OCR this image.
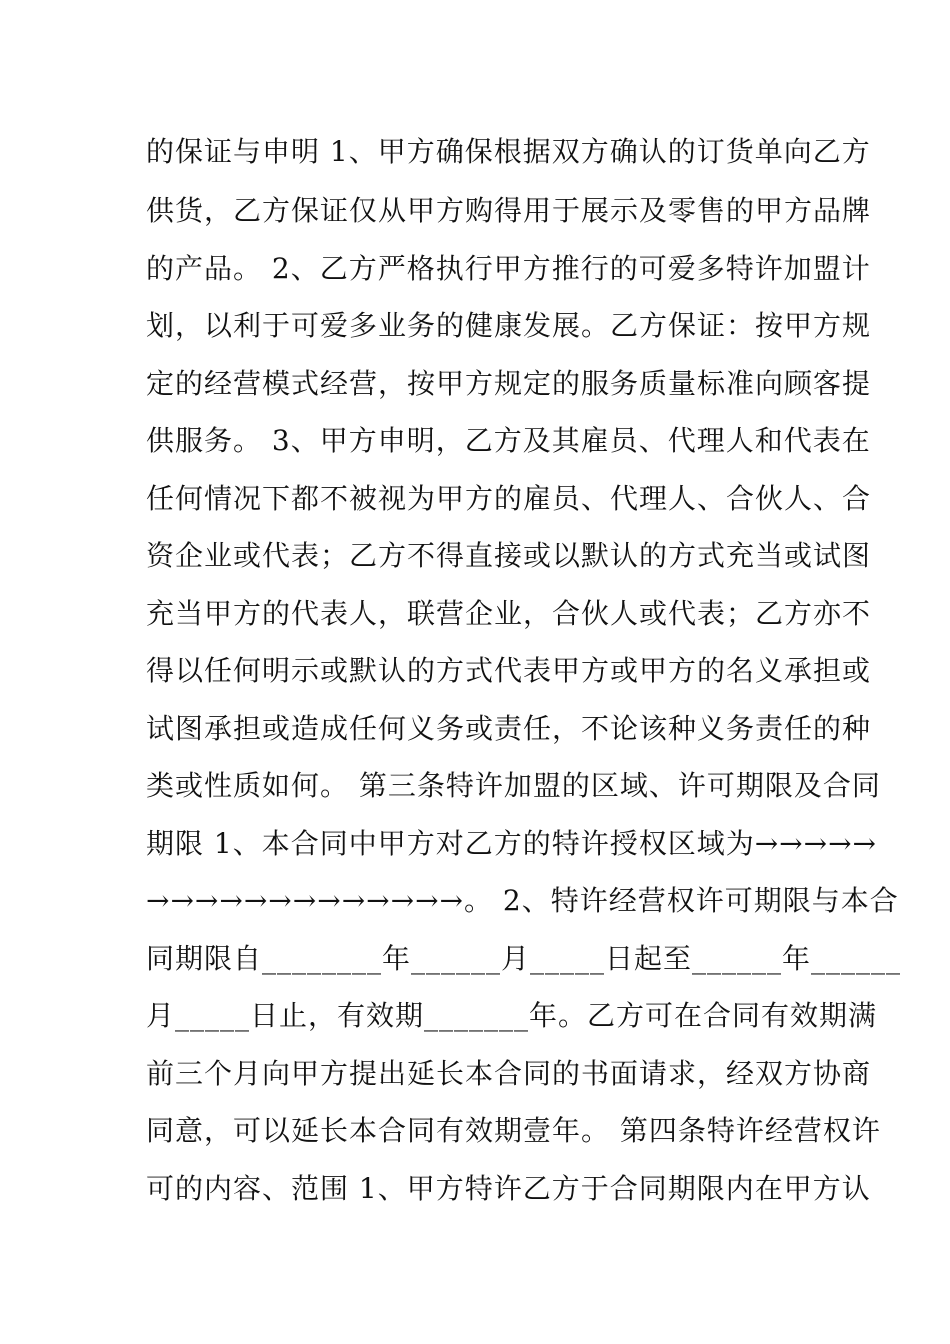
的保证与申明 1、甲方确保根据双方确认的订货单向乙方
供货，乙方保证仅从甲方购得用于展示及零售的甲方品牌
的产品。 2、乙方严格执行甲方推行的可爱多特许加盟计
划，以利于可爱多业务的健康发展。乙方保证：按甲方规
定的经营模式经营，按甲方规定的服务质量标准向顾客提
供服务。 3、甲方申明，乙方及其雇员、代理人和代表在
任何情况下都不被视为甲方的雇员、代理人、合伙人、合
资企业或代表；乙方不得直接或以默认的方式充当或试图
充当甲方的代表人，联营企业，合伙人或代表；乙方亦不
得以任何明示或默认的方式代表甲方或甲方的名义承担或
试图承担或造成任何义务或责任，不论该种义务责任的种
类或性质如何。 第三条特许加盟的区域、许可期限及合同
期限 1、本合同中甲方对乙方的特许授权区域为→→→→→
→→→→→→→→→→→→→。 2、特许经营权许可期限与本合
同期限自________年______月_____日起至______年______
月_____日止，有效期_______年。乙方可在合同有效期满
前三个月向甲方提出延长本合同的书面请求，经双方协商
同意，可以延长本合同有效期壹年。 第四条特许经营权许
可的内容、范围 1、甲方特许乙方于合同期限内在甲方认
